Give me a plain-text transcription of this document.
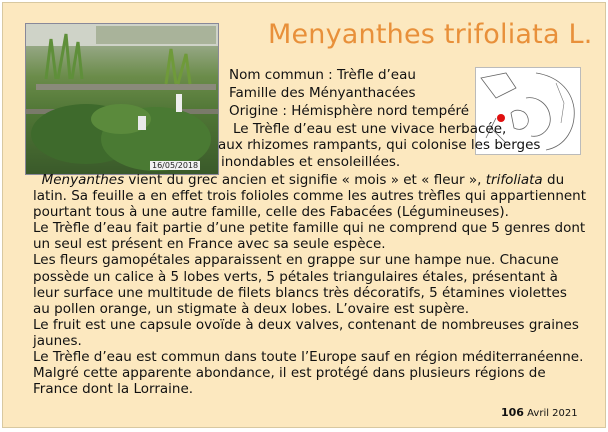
Menyanthes trifoliata L.
16/05/2018
Nom commun : Trèfle d’eau
Famille des Ményanthacées
Origine : Hémisphère nord tempéré
Le Trèfle d’eau est une vivace herbacée,
aux rhizomes rampants, qui colonise les berges
inondables et ensoleillées.

Menyanthes vient du grec ancien et signifie « mois » et « fleur », trifoliata du latin. Sa feuille a en effet trois folioles comme les autres trèfles qui appartiennent pourtant tous à une autre famille, celle des Fabacées (Légumineuses).

Le Trèfle d’eau fait partie d’une petite famille qui ne comprend que 5 genres dont un seul est présent en France avec sa seule espèce.

Les fleurs gamopétales apparaissent en grappe sur une hampe nue. Chacune possède un calice à 5 lobes verts, 5 pétales triangulaires étales, présentant à leur surface une multitude de filets blancs très décoratifs, 5 étamines violettes au pollen orange, un stigmate à deux lobes. L’ovaire est supère.

Le fruit est une capsule ovoïde à deux valves, contenant de nombreuses graines jaunes.

Le Trèfle d’eau est commun dans toute l’Europe sauf en région méditerranéenne. Malgré cette apparente abondance, il est protégé dans plusieurs régions de France dont la Lorraine.

106 Avril 2021
